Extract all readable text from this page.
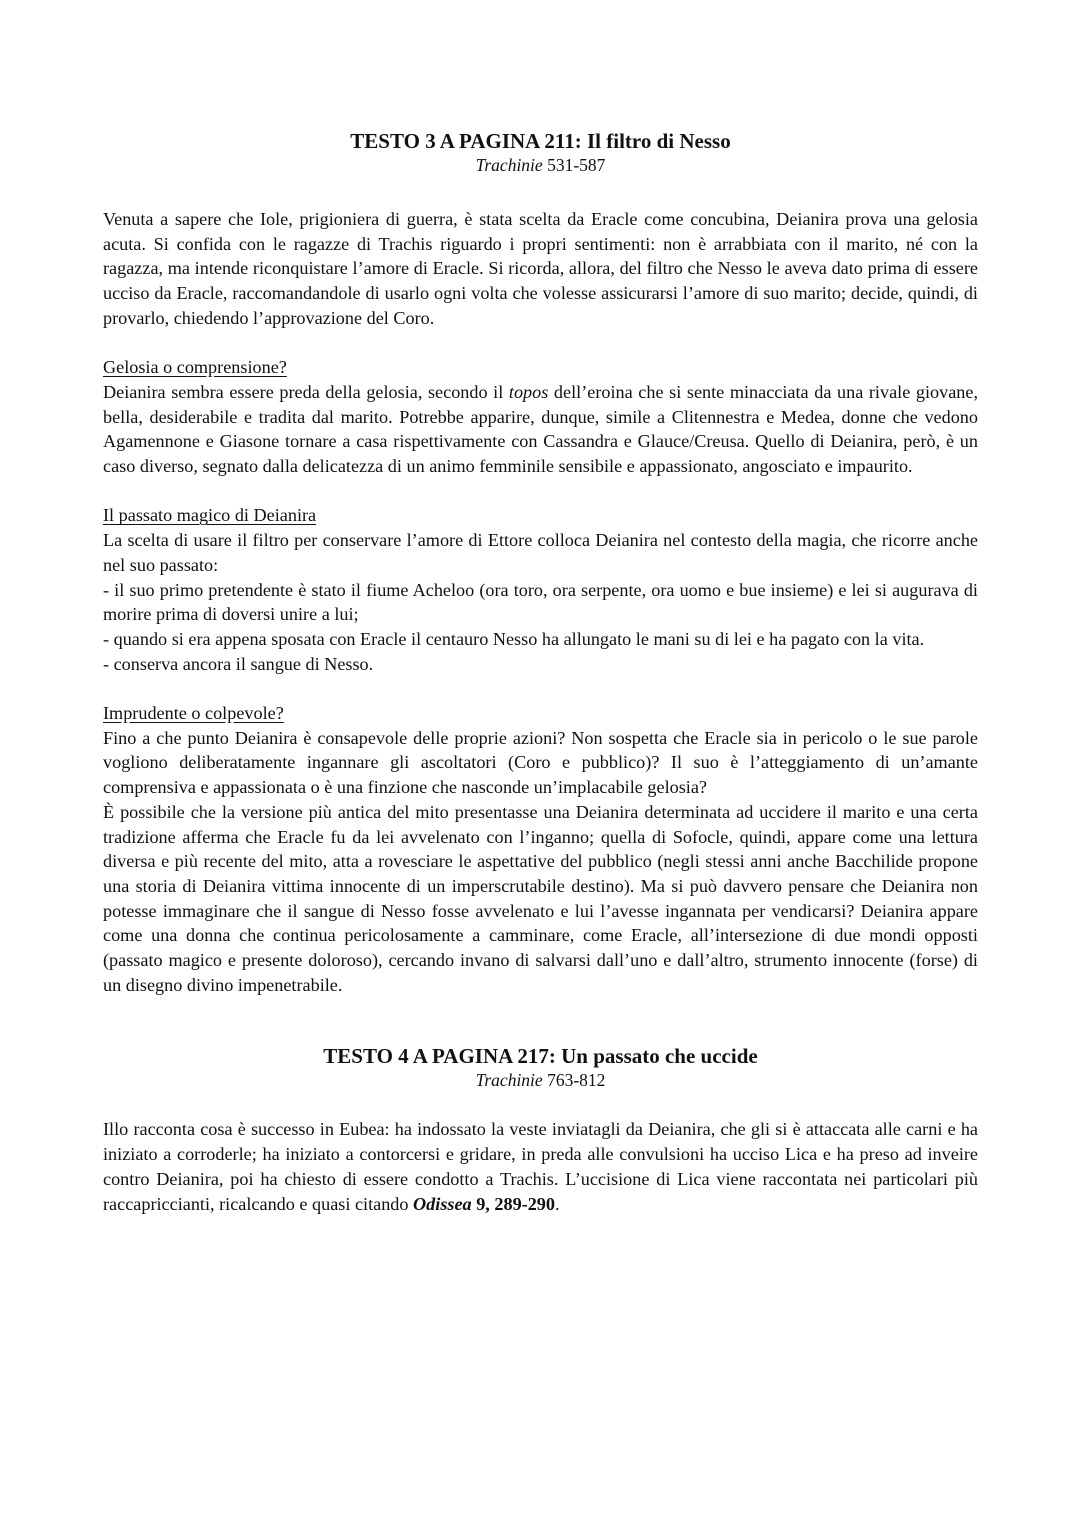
TESTO 3 A PAGINA 211: Il filtro di Nesso

Trachinie 531-587

Venuta a sapere che Iole, prigioniera di guerra, è stata scelta da Eracle come concubina, Deianira prova una gelosia acuta. Si confida con le ragazze di Trachis riguardo i propri sentimenti: non è arrabbiata con il marito, né con la ragazza, ma intende riconquistare l’amore di Eracle. Si ricorda, allora, del filtro che Nesso le aveva dato prima di essere ucciso da Eracle, raccomandandole di usarlo ogni volta che volesse assicurarsi l’amore di suo marito; decide, quindi, di provarlo, chiedendo l’approvazione del Coro.

Gelosia o comprensione?

Deianira sembra essere preda della gelosia, secondo il topos dell’eroina che si sente minacciata da una rivale giovane, bella, desiderabile e tradita dal marito. Potrebbe apparire, dunque, simile a Clitennestra e Medea, donne che vedono Agamennone e Giasone tornare a casa rispettivamente con Cassandra e Glauce/Creusa. Quello di Deianira, però, è un caso diverso, segnato dalla delicatezza di un animo femminile sensibile e appassionato, angosciato e impaurito.

Il passato magico di Deianira

La scelta di usare il filtro per conservare l’amore di Ettore colloca Deianira nel contesto della magia, che ricorre anche nel suo passato:

- il suo primo pretendente è stato il fiume Acheloo (ora toro, ora serpente, ora uomo e bue insieme) e lei si augurava di morire prima di doversi unire a lui;

- quando si era appena sposata con Eracle il centauro Nesso ha allungato le mani su di lei e ha pagato con la vita.

- conserva ancora il sangue di Nesso.

Imprudente o colpevole?

Fino a che punto Deianira è consapevole delle proprie azioni? Non sospetta che Eracle sia in pericolo o le sue parole vogliono deliberatamente ingannare gli ascoltatori (Coro e pubblico)? Il suo è l’atteggiamento di un’amante comprensiva e appassionata o è una finzione che nasconde un’implacabile gelosia?

È possibile che la versione più antica del mito presentasse una Deianira determinata ad uccidere il marito e una certa tradizione afferma che Eracle fu da lei avvelenato con l’inganno; quella di Sofocle, quindi, appare come una lettura diversa e più recente del mito, atta a rovesciare le aspettative del pubblico (negli stessi anni anche Bacchilide propone una storia di Deianira vittima innocente di un imperscrutabile destino). Ma si può davvero pensare che Deianira non potesse immaginare che il sangue di Nesso fosse avvelenato e lui l’avesse ingannata per vendicarsi? Deianira appare come una donna che continua pericolosamente a camminare, come Eracle, all’intersezione di due mondi opposti (passato magico e presente doloroso), cercando invano di salvarsi dall’uno e dall’altro, strumento innocente (forse) di un disegno divino impenetrabile.

TESTO 4 A PAGINA 217: Un passato che uccide

Trachinie 763-812

Illo racconta cosa è successo in Eubea: ha indossato la veste inviatagli da Deianira, che gli si è attaccata alle carni e ha iniziato a corroderle; ha iniziato a contorcersi e gridare, in preda alle convulsioni ha ucciso Lica e ha preso ad inveire contro Deianira, poi ha chiesto di essere condotto a Trachis. L’uccisione di Lica viene raccontata nei particolari più raccapriccianti, ricalcando e quasi citando Odissea 9, 289-290.
